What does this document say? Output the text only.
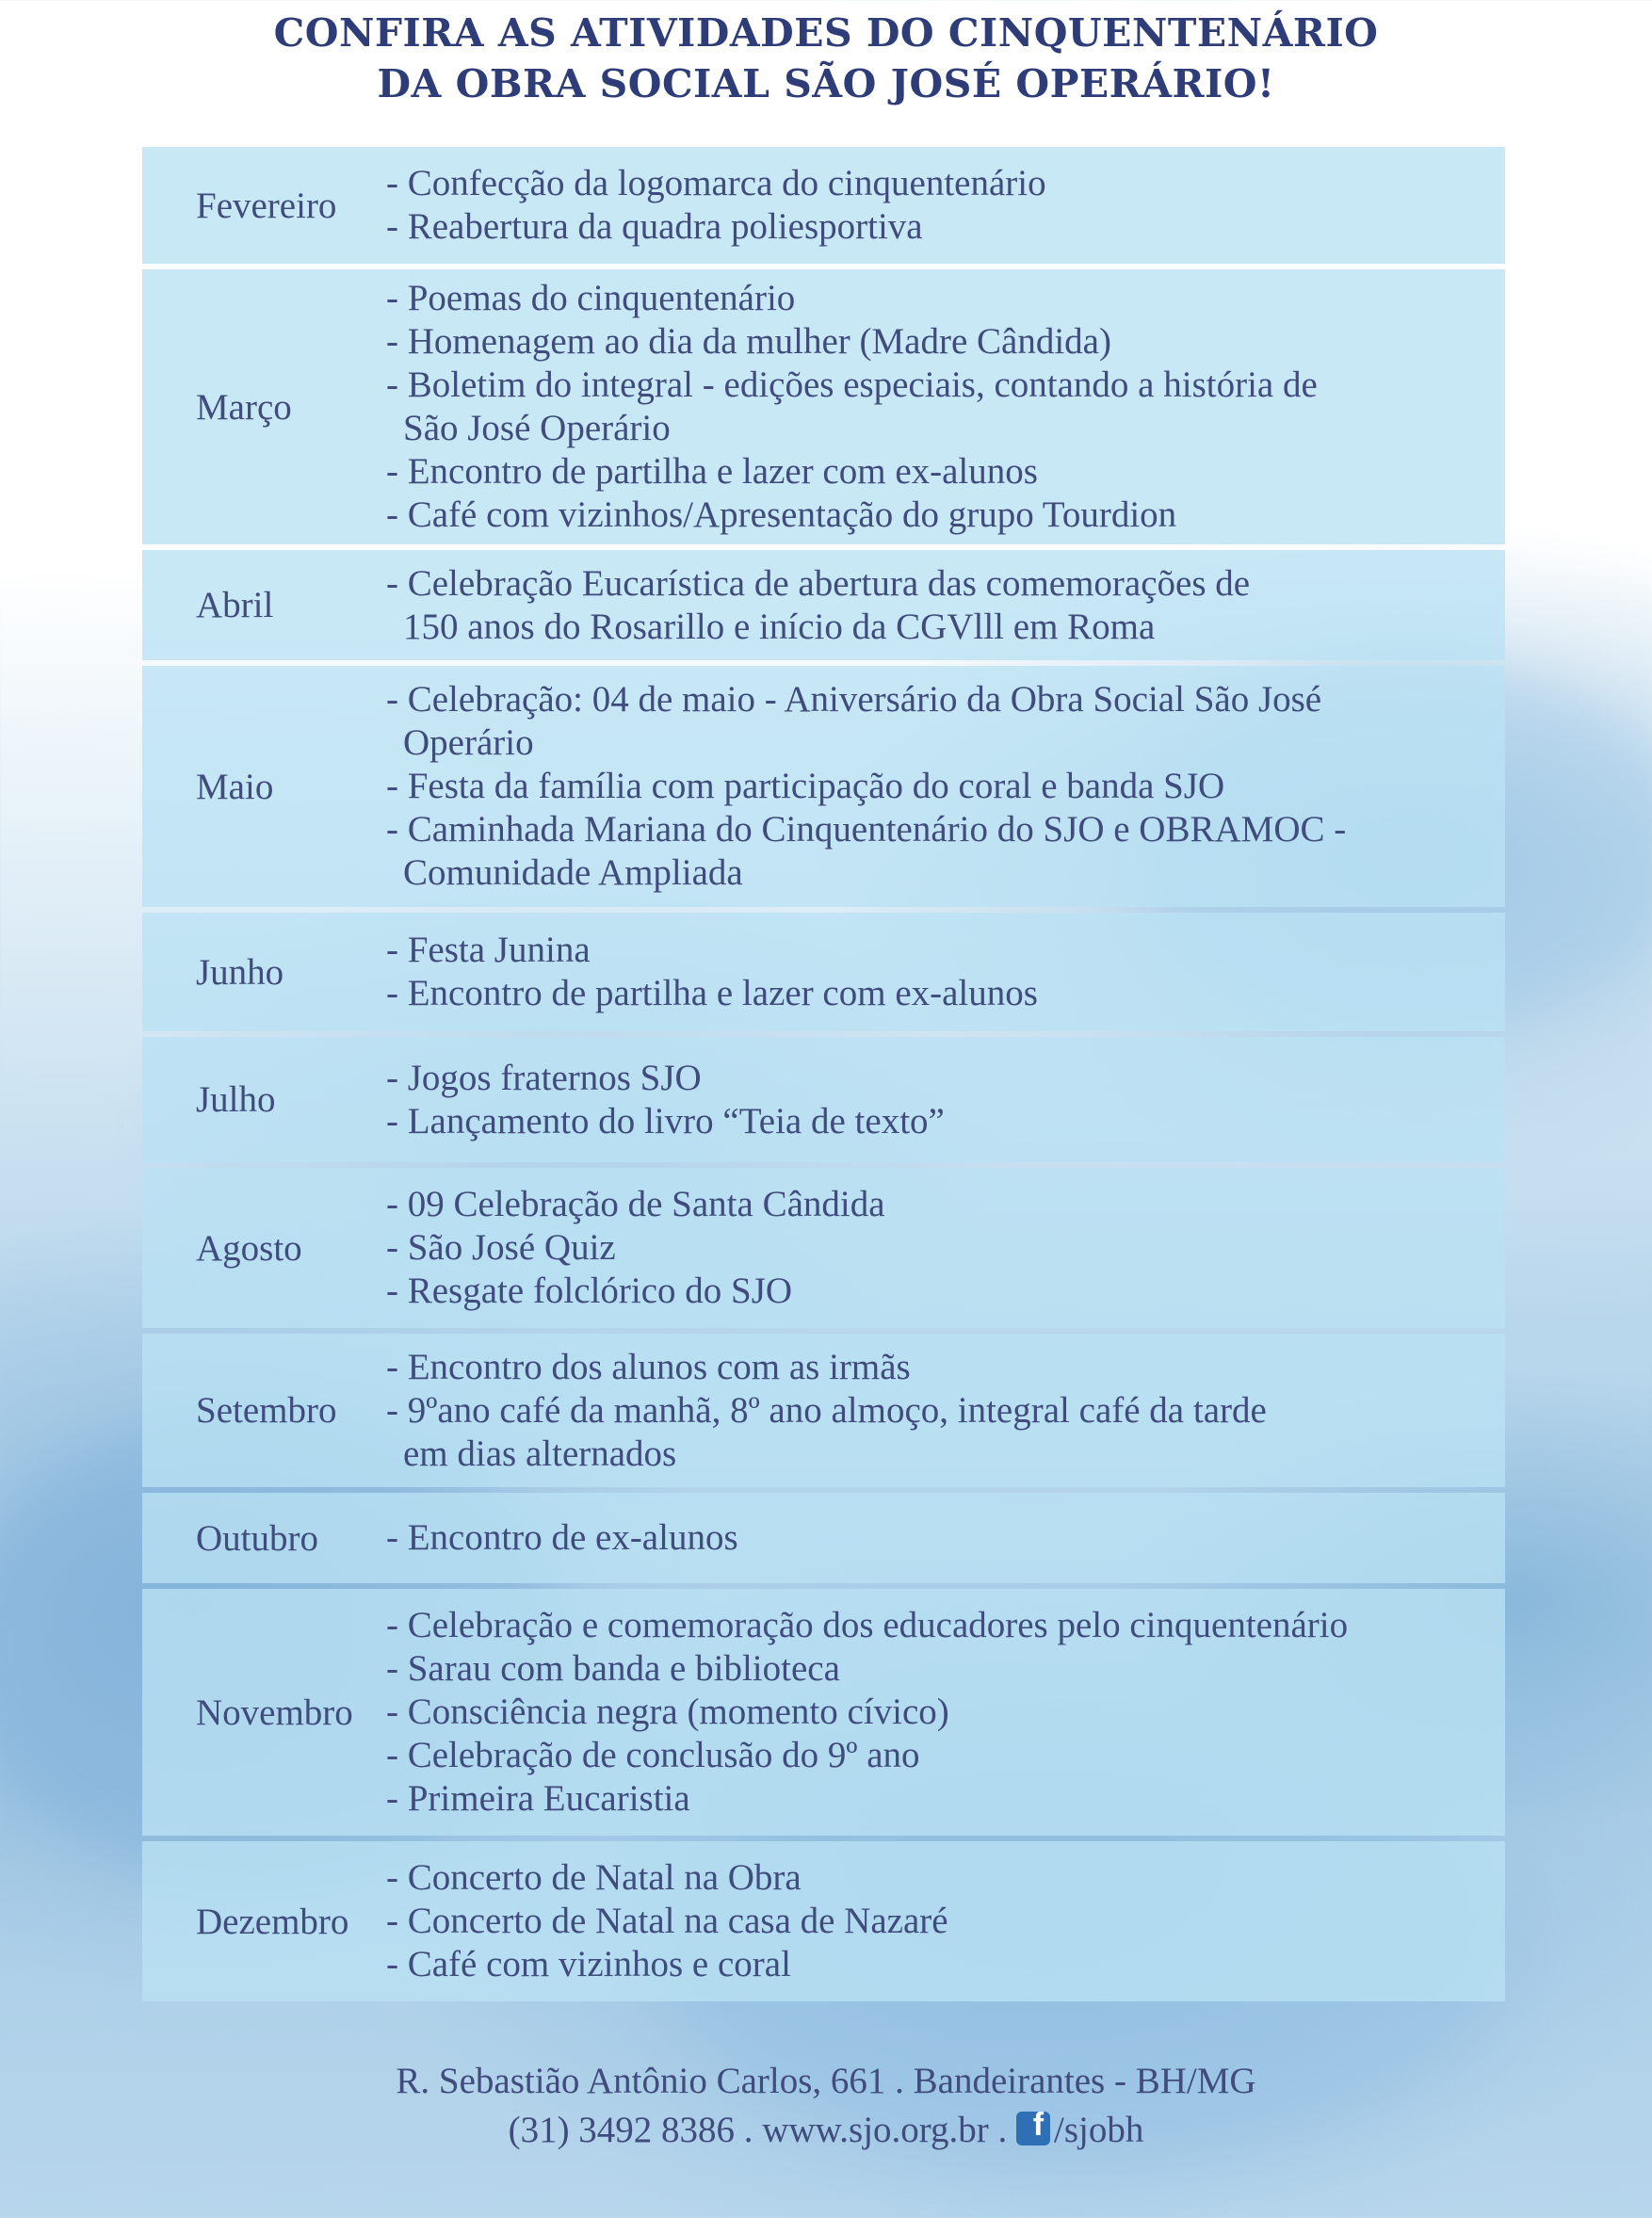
CONFIRA AS ATIVIDADES DO CINQUENTENÁRIO
DA OBRA SOCIAL SÃO JOSÉ OPERÁRIO!
Fevereiro
- Confecção da logomarca do cinquentenário
- Reabertura da quadra poliesportiva
Março
- Poemas do cinquentenário
- Homenagem ao dia da mulher (Madre Cândida)
- Boletim do integral - edições especiais, contando a história de
São José Operário
- Encontro de partilha e lazer com ex-alunos
- Café com vizinhos/Apresentação do grupo Tourdion
Abril
- Celebração Eucarística de abertura das comemorações de
150 anos do Rosarillo e início da CGVlll em Roma
Maio
- Celebração: 04 de maio - Aniversário da Obra Social São José
Operário
- Festa da família com participação do coral e banda SJO
- Caminhada Mariana do Cinquentenário do SJO e OBRAMOC -
Comunidade Ampliada
Junho
- Festa Junina
- Encontro de partilha e lazer com ex-alunos
Julho
- Jogos fraternos SJO
- Lançamento do livro “Teia de texto”
Agosto
- 09 Celebração de Santa Cândida
- São José Quiz
- Resgate folclórico do SJO
Setembro
- Encontro dos alunos com as irmãs
- 9ºano café da manhã, 8º ano almoço, integral café da tarde
em dias alternados
Outubro	- Encontro de ex-alunos
Novembro
- Celebração e comemoração dos educadores pelo cinquentenário
- Sarau com banda e biblioteca
- Consciência negra (momento cívico)
- Celebração de conclusão do 9º ano
- Primeira Eucaristia
Dezembro
- Concerto de Natal na Obra
- Concerto de Natal na casa de Nazaré
- Café com vizinhos e coral
R. Sebastião Antônio Carlos, 661 . Bandeirantes - BH/MG
(31) 3492 8386 . www.sjo.org.br . f /sjobh
